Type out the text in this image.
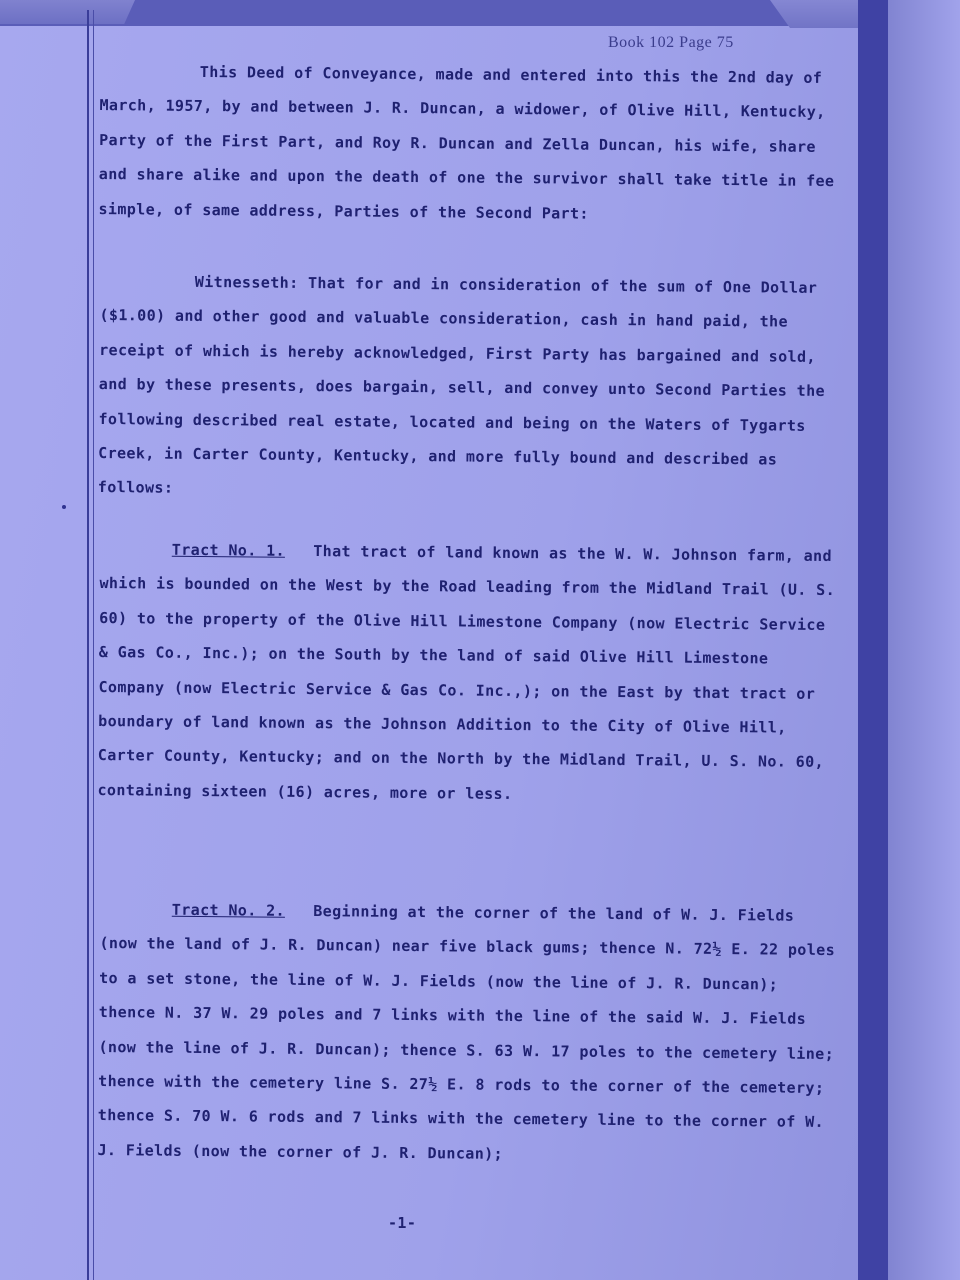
Book 102 Page 75
This Deed of Conveyance, made and entered into this the 2nd day of March, 1957, by and between J. R. Duncan, a widower, of Olive Hill, Kentucky, Party of the First Part, and Roy R. Duncan and Zella Duncan, his wife, share and share alike and upon the death of one the survivor shall take title in fee simple, of same address, Parties of the Second Part:
Witnesseth: That for and in consideration of the sum of One Dollar ($1.00) and other good and valuable consideration, cash in hand paid, the receipt of which is hereby acknowledged, First Party has bargained and sold, and by these presents, does bargain, sell, and convey unto Second Parties the following described real estate, located and being on the Waters of Tygarts Creek, in Carter County, Kentucky, and more fully bound and described as follows:
Tract No. 1. That tract of land known as the W. W. Johnson farm, and which is bounded on the West by the Road leading from the Midland Trail (U. S. 60) to the property of the Olive Hill Limestone Company (now Electric Service & Gas Co., Inc.); on the South by the land of said Olive Hill Limestone Company (now Electric Service & Gas Co. Inc.,); on the East by that tract or boundary of land known as the Johnson Addition to the City of Olive Hill, Carter County, Kentucky; and on the North by the Midland Trail, U. S. No. 60, containing sixteen (16) acres, more or less.
Tract No. 2. Beginning at the corner of the land of W. J. Fields (now the land of J. R. Duncan) near five black gums; thence N. 72½ E. 22 poles to a set stone, the line of W. J. Fields (now the line of J. R. Duncan); thence N. 37 W. 29 poles and 7 links with the line of the said W. J. Fields (now the line of J. R. Duncan); thence S. 63 W. 17 poles to the cemetery line; thence with the cemetery line S. 27½ E. 8 rods to the corner of the cemetery; thence S. 70 W. 6 rods and 7 links with the cemetery line to the corner of W. J. Fields (now the corner of J. R. Duncan);
-1-
